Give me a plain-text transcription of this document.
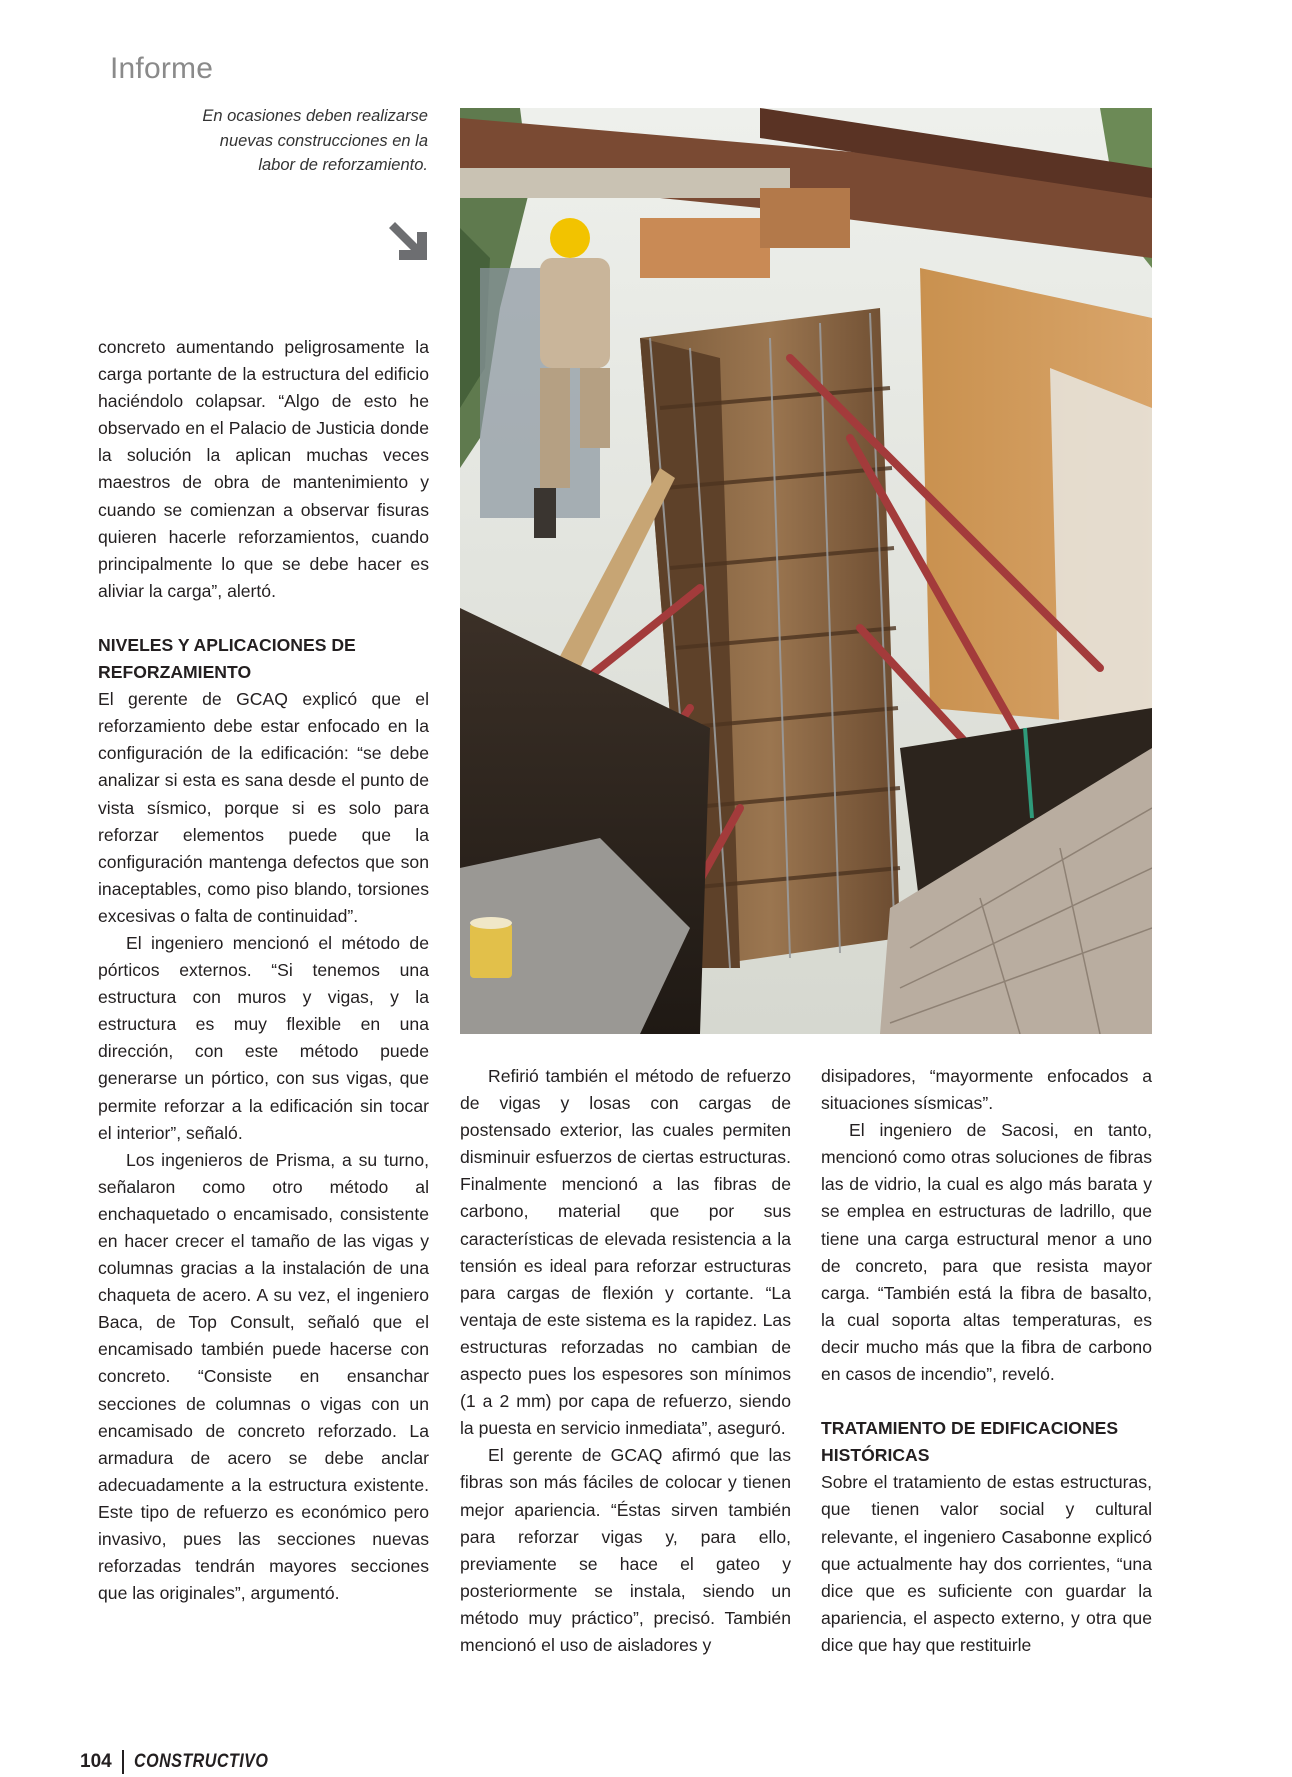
Informe
En ocasiones deben realizarse nuevas construcciones en la labor de reforzamiento.

concreto aumentando peligrosamente la carga portante de la estructura del edificio haciéndolo colapsar. “Algo de esto he observado en el Palacio de Justicia donde la solución la aplican muchas veces maestros de obra de mantenimiento y cuando se comienzan a observar fisuras quieren hacerle reforzamientos, cuando principalmente lo que se debe hacer es aliviar la carga”, alertó.

NIVELES Y APLICACIONES DE REFORZAMIENTO

El gerente de GCAQ explicó que el reforzamiento debe estar enfocado en la configuración de la edificación: “se debe analizar si esta es sana desde el punto de vista sísmico, porque si es solo para reforzar elementos puede que la configuración mantenga defectos que son inaceptables, como piso blando, torsiones excesivas o falta de continuidad”.

El ingeniero mencionó el método de pórticos externos. “Si tenemos una estructura con muros y vigas, y la estructura es muy flexible en una dirección, con este método puede generarse un pórtico, con sus vigas, que permite reforzar a la edificación sin tocar el interior”, señaló.

Los ingenieros de Prisma, a su turno, señalaron como otro método al enchaquetado o encamisado, consistente en hacer crecer el tamaño de las vigas y columnas gracias a la instalación de una chaqueta de acero. A su vez, el ingeniero Baca, de Top Consult, señaló que el encamisado también puede hacerse con concreto. “Consiste en ensanchar secciones de columnas o vigas con un encamisado de concreto reforzado. La armadura de acero se debe anclar adecuadamente a la estructura existente. Este tipo de refuerzo es económico pero invasivo, pues las secciones nuevas reforzadas tendrán mayores secciones que las originales”, argumentó.

Refirió también el método de refuerzo de vigas y losas con cargas de postensado exterior, las cuales permiten disminuir esfuerzos de ciertas estructuras. Finalmente mencionó a las fibras de carbono, material que por sus características de elevada resistencia a la tensión es ideal para reforzar estructuras para cargas de flexión y cortante. “La ventaja de este sistema es la rapidez. Las estructuras reforzadas no cambian de aspecto pues los espesores son mínimos (1 a 2 mm) por capa de refuerzo, siendo la puesta en servicio inmediata”, aseguró.

El gerente de GCAQ afirmó que las fibras son más fáciles de colocar y tienen mejor apariencia. “Éstas sirven también para reforzar vigas y, para ello, previamente se hace el gateo y posteriormente se instala, siendo un método muy práctico”, precisó. También mencionó el uso de aisladores y

disipadores, “mayormente enfocados a situaciones sísmicas”.

El ingeniero de Sacosi, en tanto, mencionó como otras soluciones de fibras las de vidrio, la cual es algo más barata y se emplea en estructuras de ladrillo, que tiene una carga estructural menor a uno de concreto, para que resista mayor carga. “También está la fibra de basalto, la cual soporta altas temperaturas, es decir mucho más que la fibra de carbono en casos de incendio”, reveló.

TRATAMIENTO DE EDIFICACIONES HISTÓRICAS

Sobre el tratamiento de estas estructuras, que tienen valor social y cultural relevante, el ingeniero Casabonne explicó que actualmente hay dos corrientes, “una dice que es suficiente con guardar la apariencia, el aspecto externo, y otra que dice que hay que restituirle

104 CONSTRUCTIVO
